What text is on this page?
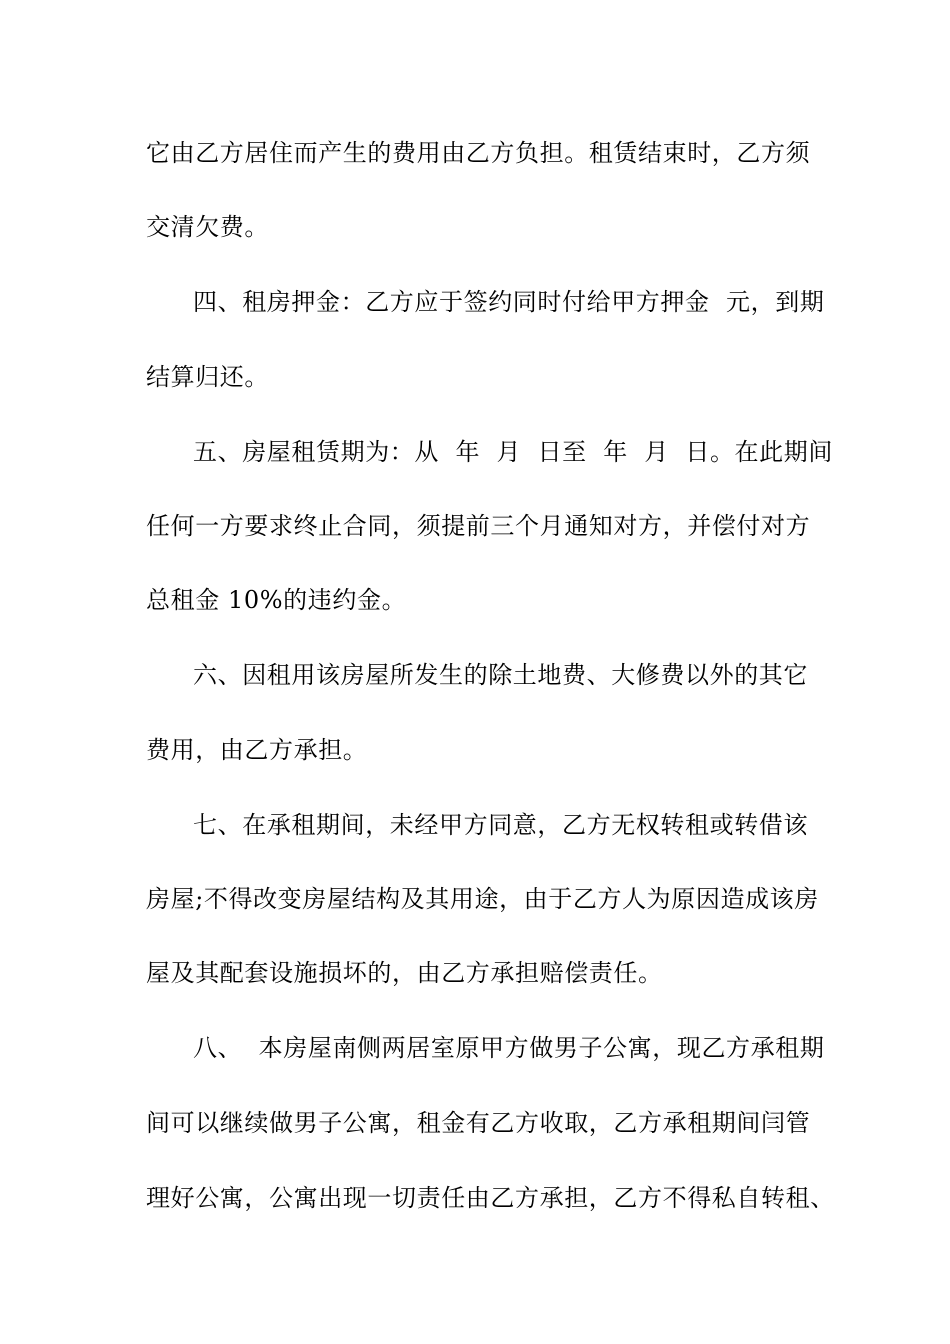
它由乙方居住而产生的费用由乙方负担。租赁结束时，乙方须
交清欠费。
四、租房押金：乙方应于签约同时付给甲方押金  元，到期
结算归还。
五、房屋租赁期为：从  年  月  日至  年  月  日。在此期间
任何一方要求终止合同，须提前三个月通知对方，并偿付对方
总租金 10%的违约金。
六、因租用该房屋所发生的除土地费、大修费以外的其它
费用，由乙方承担。
七、在承租期间，未经甲方同意，乙方无权转租或转借该
房屋;不得改变房屋结构及其用途，由于乙方人为原因造成该房
屋及其配套设施损坏的，由乙方承担赔偿责任。
八、  本房屋南侧两居室原甲方做男子公寓，现乙方承租期
间可以继续做男子公寓，租金有乙方收取，乙方承租期间闫管
理好公寓，公寓出现一切责任由乙方承担，乙方不得私自转租、
